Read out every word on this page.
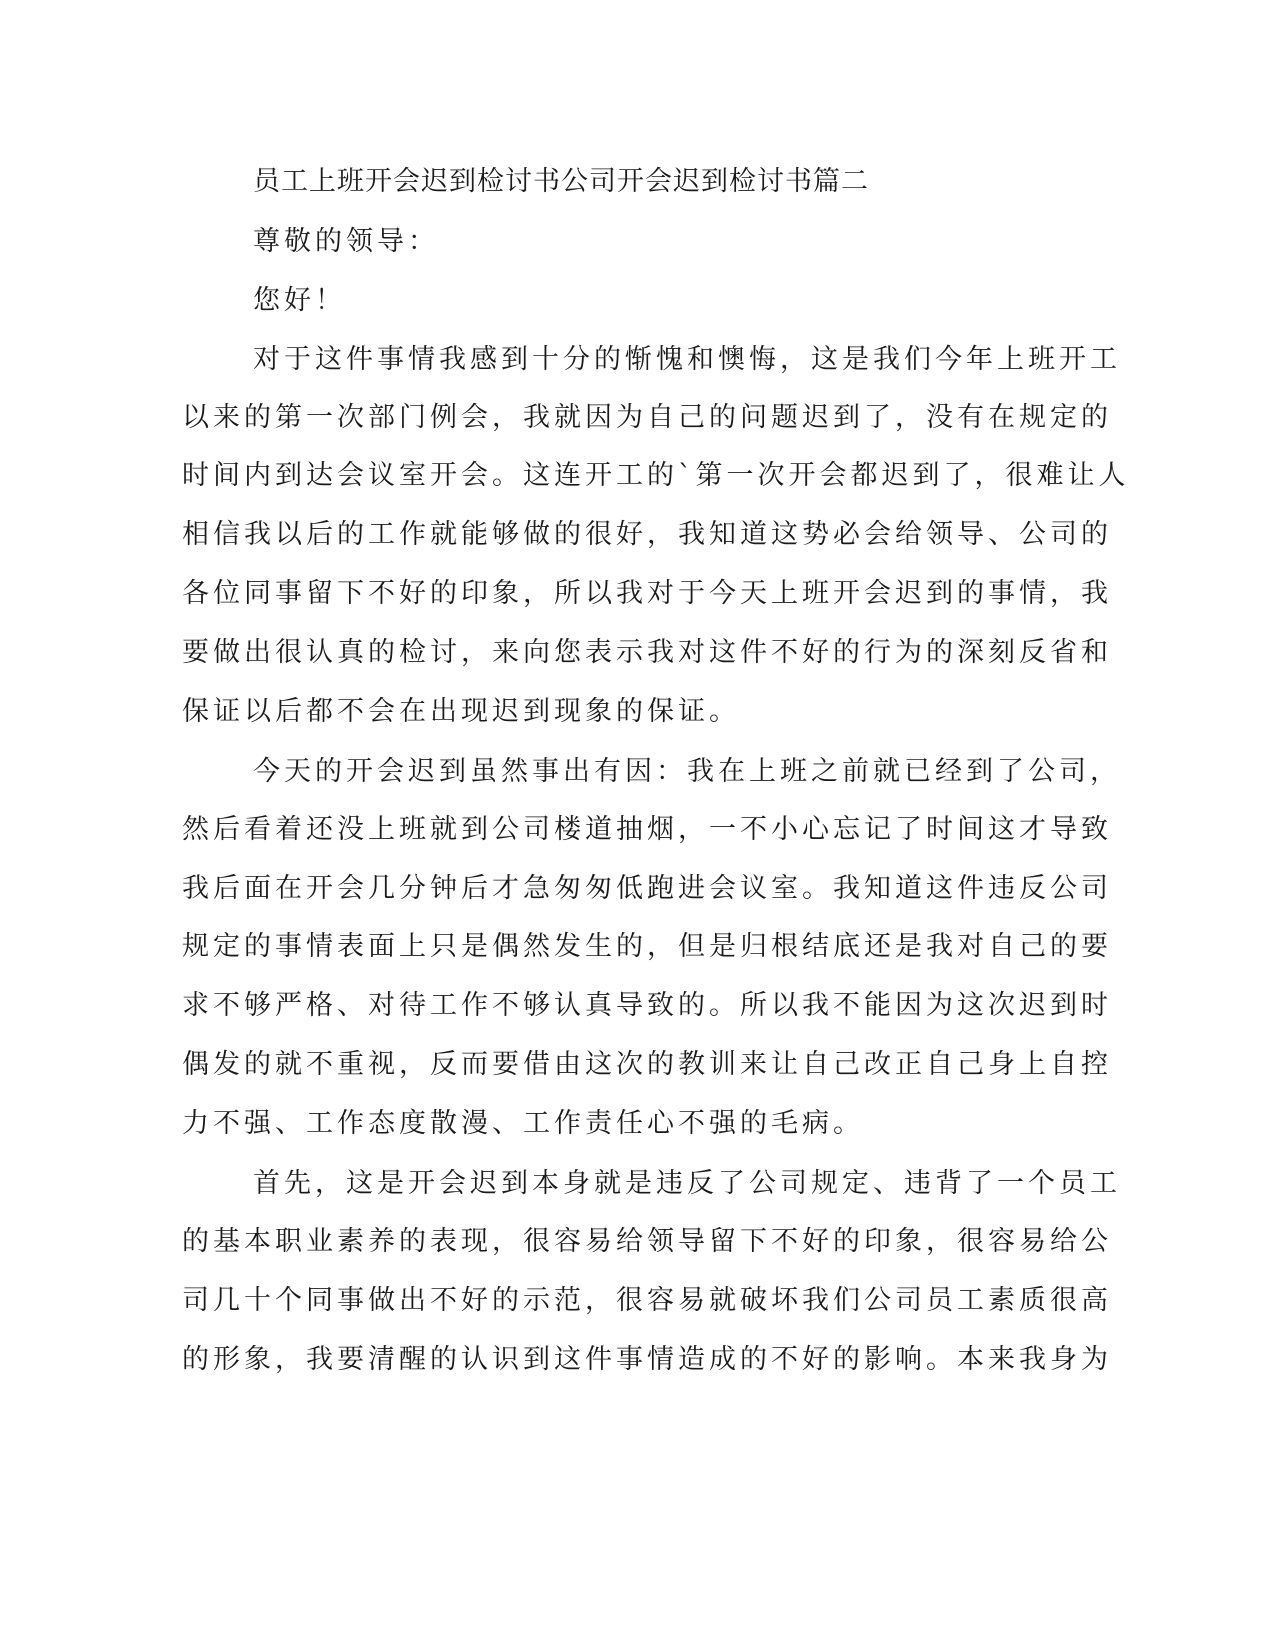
员工上班开会迟到检讨书公司开会迟到检讨书篇二
尊敬的领导：
您好！
对于这件事情我感到十分的惭愧和懊悔，这是我们今年上班开工
以来的第一次部门例会，我就因为自己的问题迟到了，没有在规定的
时间内到达会议室开会。这连开工的`第一次开会都迟到了，很难让人
相信我以后的工作就能够做的很好，我知道这势必会给领导、公司的
各位同事留下不好的印象，所以我对于今天上班开会迟到的事情，我
要做出很认真的检讨，来向您表示我对这件不好的行为的深刻反省和
保证以后都不会在出现迟到现象的保证。
今天的开会迟到虽然事出有因：我在上班之前就已经到了公司，
然后看着还没上班就到公司楼道抽烟，一不小心忘记了时间这才导致
我后面在开会几分钟后才急匆匆低跑进会议室。我知道这件违反公司
规定的事情表面上只是偶然发生的，但是归根结底还是我对自己的要
求不够严格、对待工作不够认真导致的。所以我不能因为这次迟到时
偶发的就不重视，反而要借由这次的教训来让自己改正自己身上自控
力不强、工作态度散漫、工作责任心不强的毛病。
首先，这是开会迟到本身就是违反了公司规定、违背了一个员工
的基本职业素养的表现，很容易给领导留下不好的印象，很容易给公
司几十个同事做出不好的示范，很容易就破坏我们公司员工素质很高
的形象，我要清醒的认识到这件事情造成的不好的影响。本来我身为
